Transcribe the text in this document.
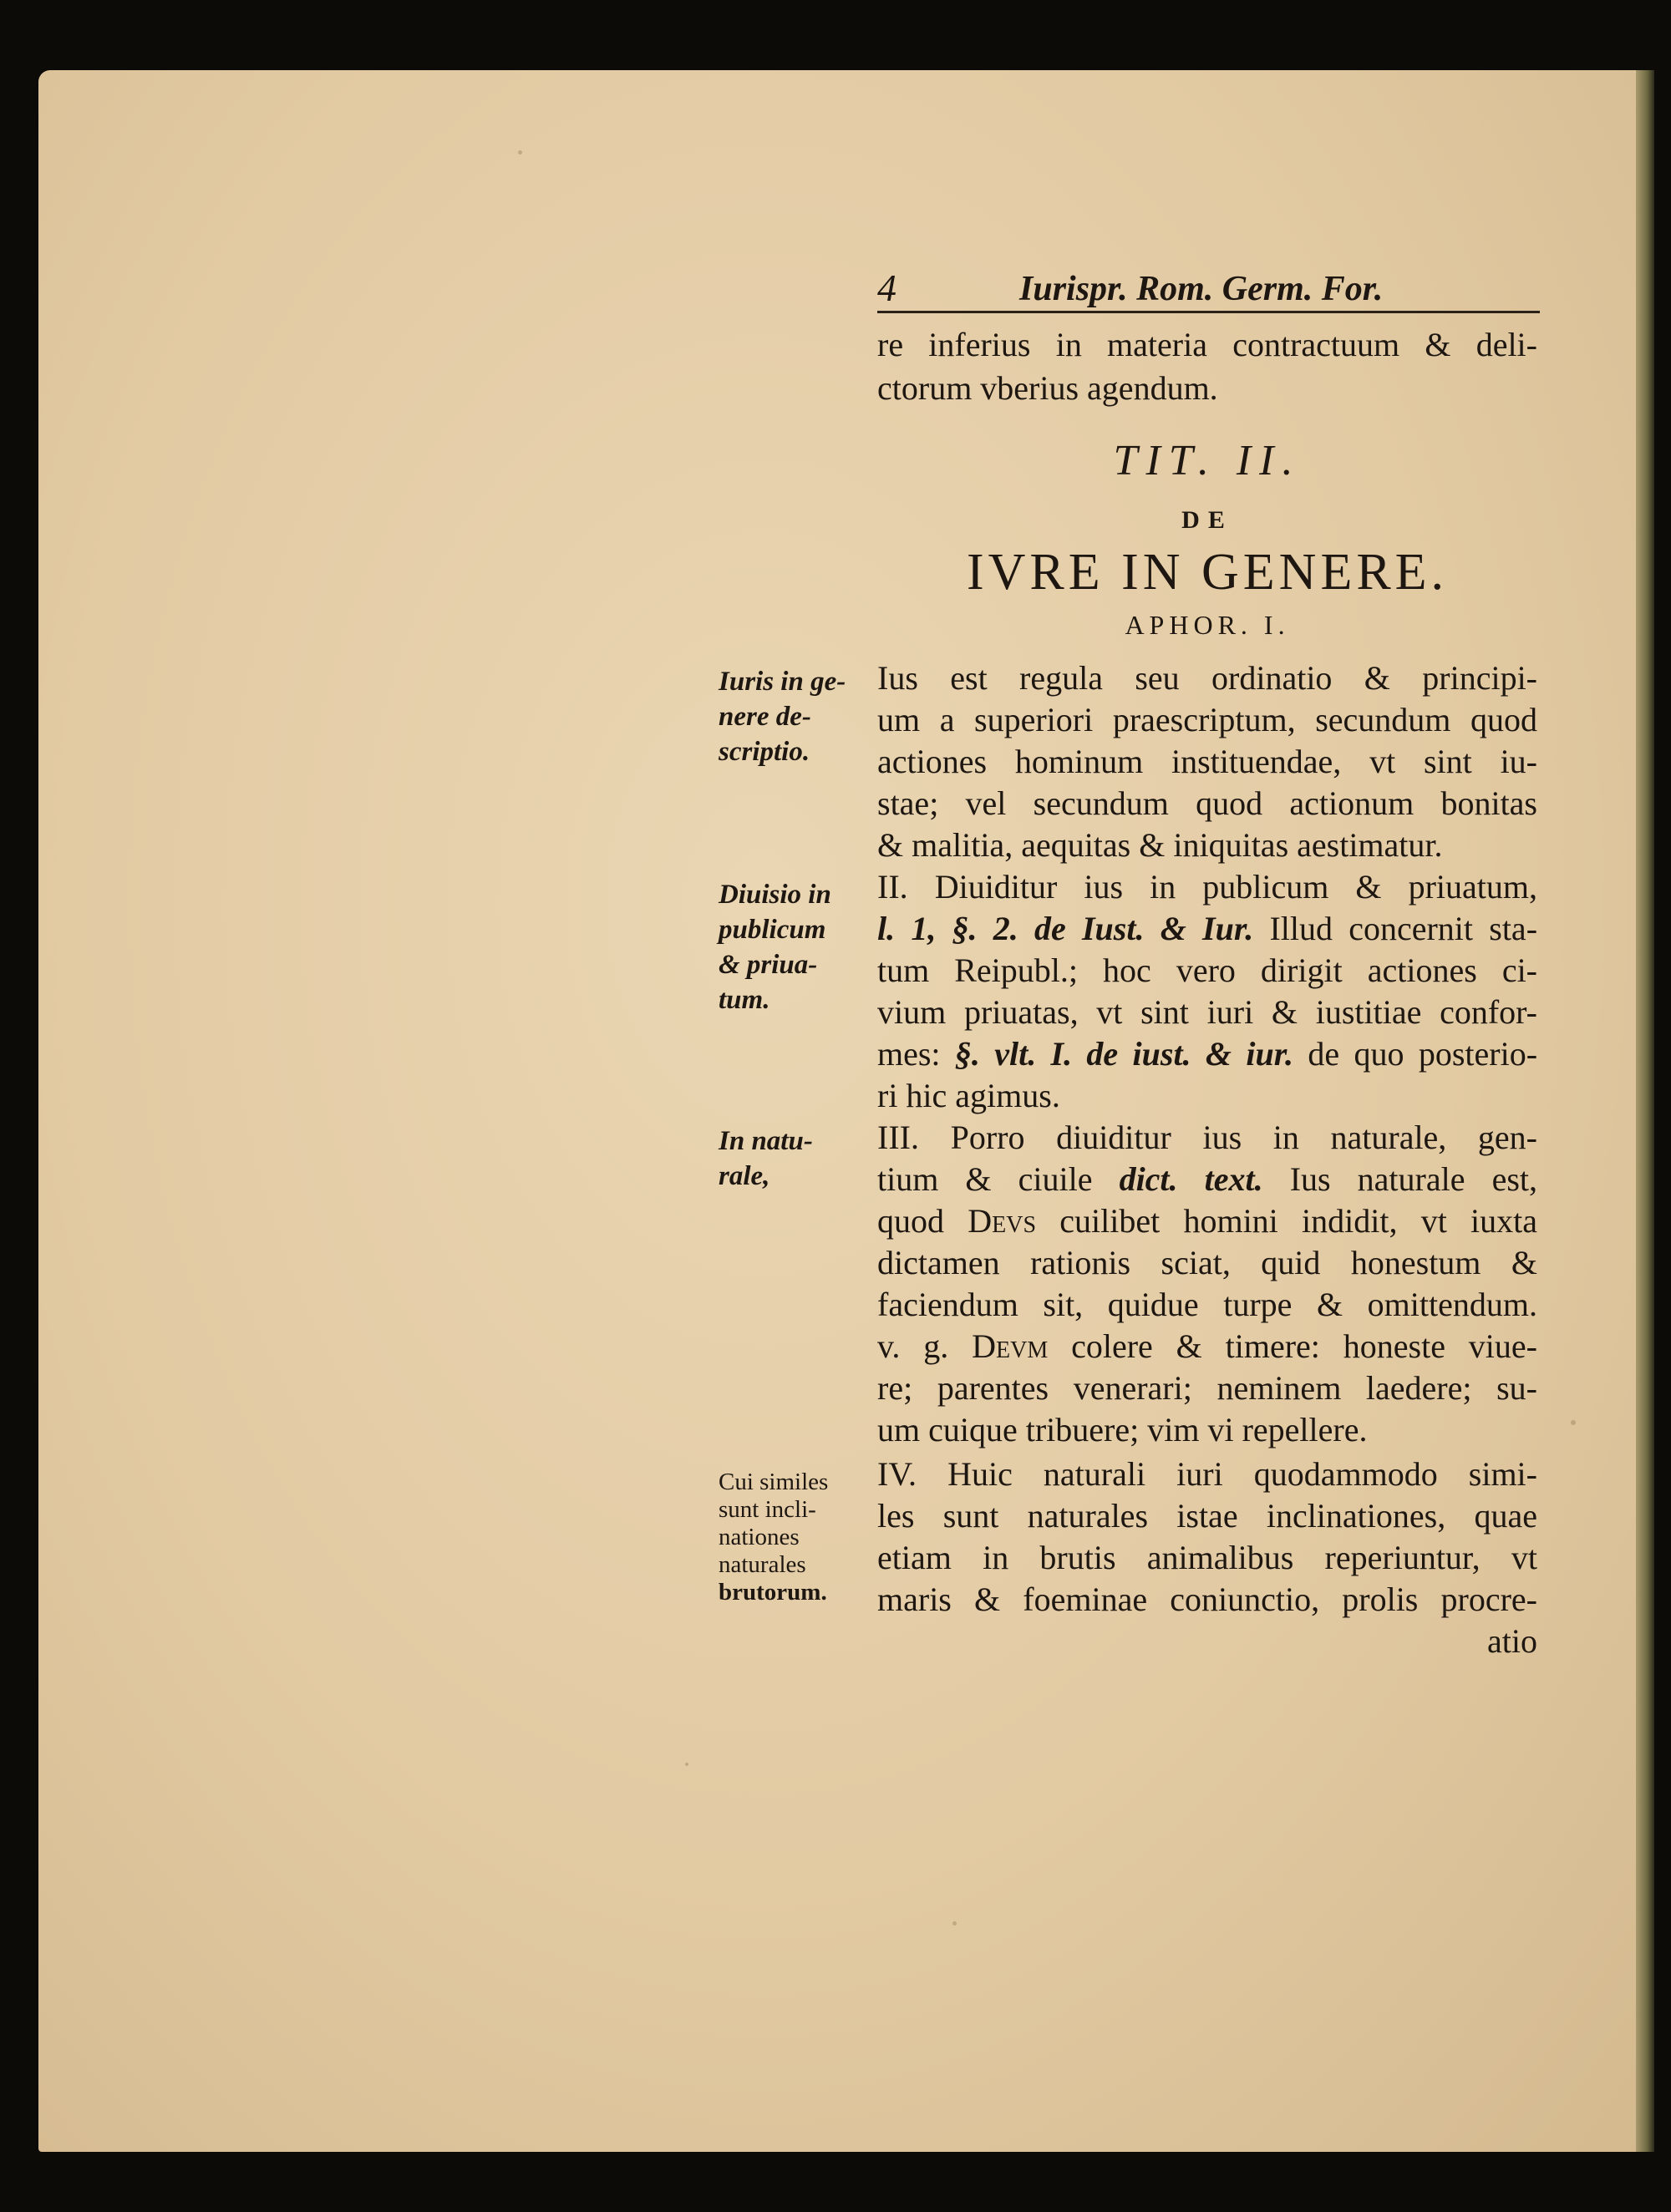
4	Iurispr. Rom. Germ. For.
re inferius in materia contractuum & deli-
ctorum vberius agendum.
TIT. II.
DE
IVRE IN GENERE.
APHOR. I.
Ius est regula seu ordinatio & principi-
um a superiori praescriptum, secundum quod
actiones hominum instituendae, vt sint iu-
stae; vel secundum quod actionum bonitas
& malitia, aequitas & iniquitas aestimatur.
II. Diuiditur ius in publicum & priuatum,
l. 1, §. 2. de Iust. & Iur. Illud concernit sta-
tum Reipubl.; hoc vero dirigit actiones ci-
vium priuatas, vt sint iuri & iustitiae confor-
mes: §. vlt. I. de iust. & iur. de quo posterio-
ri hic agimus.
III. Porro diuiditur ius in naturale, gen-
tium & ciuile dict. text. Ius naturale est,
quod Devs cuilibet homini indidit, vt iuxta
dictamen rationis sciat, quid honestum &
faciendum sit, quidue turpe & omittendum.
v. g. Devm colere & timere: honeste viue-
re; parentes venerari; neminem laedere; su-
um cuique tribuere; vim vi repellere.
IV. Huic naturali iuri quodammodo simi-
les sunt naturales istae inclinationes, quae
etiam in brutis animalibus reperiuntur, vt
maris & foeminae coniunctio, prolis procre-
atio
Iuris in ge-
nere de-
scriptio.
Diuisio in
publicum
& priua-
tum.
In natu-
rale,
Cui similes
sunt incli-
nationes
naturales
brutorum.
